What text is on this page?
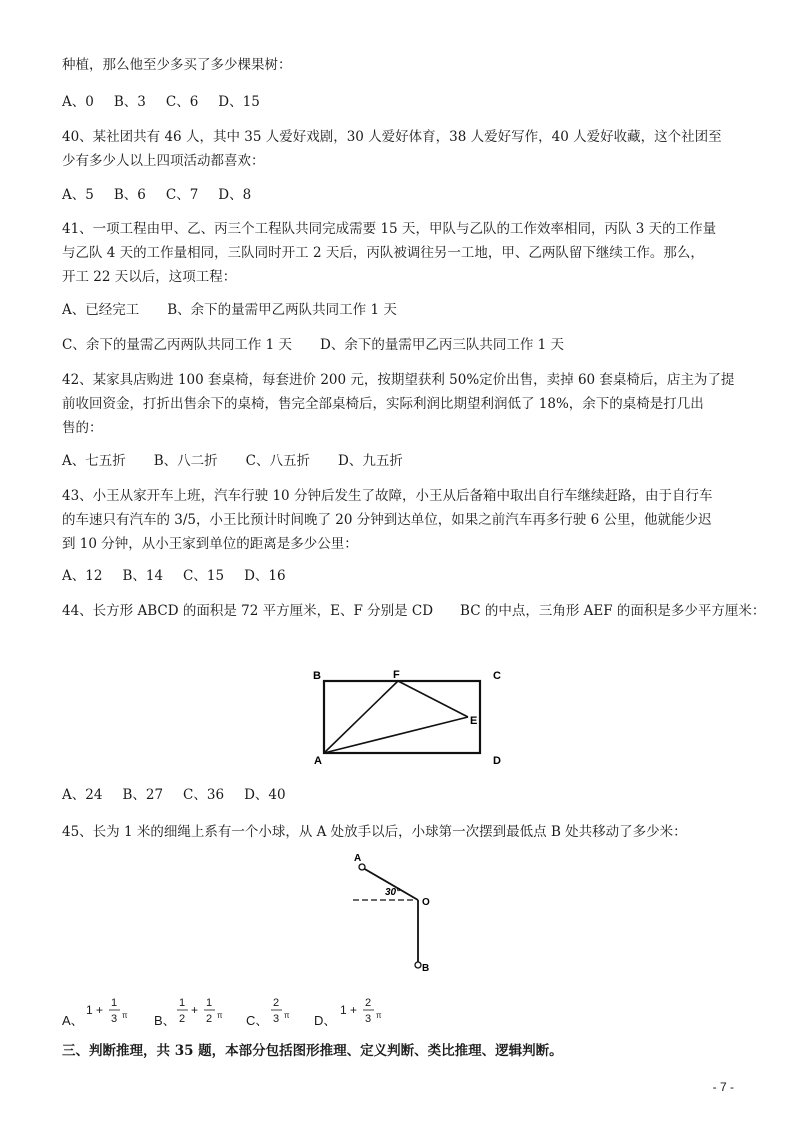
种植，那么他至少多买了多少棵果树：
A、0 B、3 C、6 D、15
40、某社团共有 46 人，其中 35 人爱好戏剧，30 人爱好体育，38 人爱好写作，40 人爱好收藏，这个社团至
少有多少人以上四项活动都喜欢：
A、5 B、6 C、7 D、8
41、一项工程由甲、乙、丙三个工程队共同完成需要 15 天，甲队与乙队的工作效率相同，丙队 3 天的工作量
与乙队 4 天的工作量相同，三队同时开工 2 天后，丙队被调往另一工地，甲、乙两队留下继续工作。那么，
开工 22 天以后，这项工程：
A、已经完工 B、余下的量需甲乙两队共同工作 1 天
C、余下的量需乙丙两队共同工作 1 天 D、余下的量需甲乙丙三队共同工作 1 天
42、某家具店购进 100 套桌椅，每套进价 200 元，按期望获利 50%定价出售，卖掉 60 套桌椅后，店主为了提
前收回资金，打折出售余下的桌椅，售完全部桌椅后，实际利润比期望利润低了 18%，余下的桌椅是打几出
售的：
A、七五折 B、八二折 C、八五折 D、九五折
43、小王从家开车上班，汽车行驶 10 分钟后发生了故障，小王从后备箱中取出自行车继续赶路，由于自行车
的车速只有汽车的 3/5，小王比预计时间晚了 20 分钟到达单位，如果之前汽车再多行驶 6 公里，他就能少迟
到 10 分钟，从小王家到单位的距离是多少公里：
A、12 B、14 C、15 D、16
44、长方形 ABCD 的面积是 72 平方厘米，E、F 分别是 CD　　BC 的中点，三角形 AEF 的面积是多少平方厘米：
B	F	C
E
A	D
A、24 B、27 C、36 D、40
45、长为 1 米的细绳上系有一个小球，从 A 处放手以后，小球第一次摆到最低点 B 处共移动了多少米：
A
O
B
30°
A、
1 + 1
3 π B、
1
2
+ 1
2 π C、
2
3 π D、
1 + 2
3 π
三、判断推理，共 35 题，本部分包括图形推理、定义判断、类比推理、逻辑判断。
- 7 -
